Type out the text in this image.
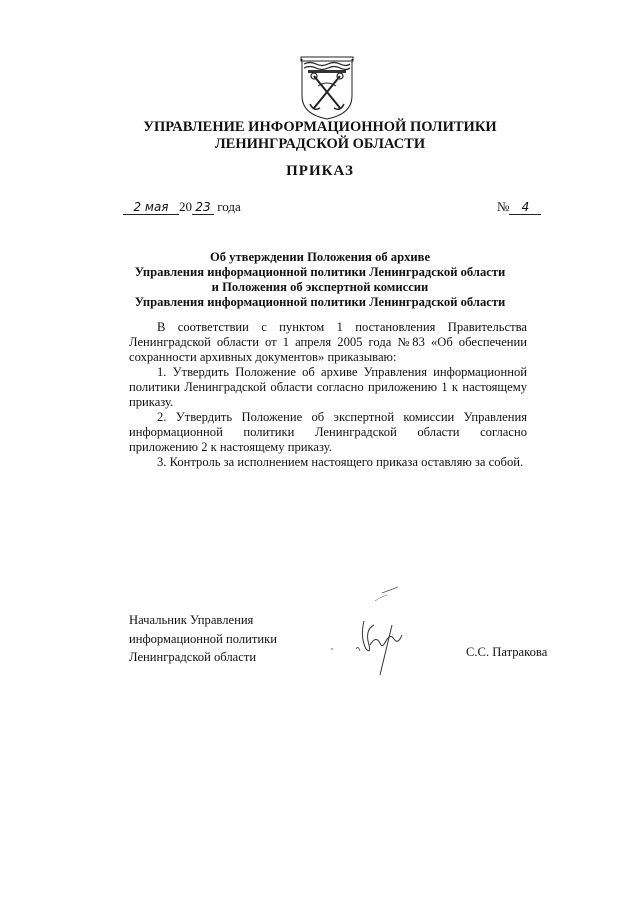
УПРАВЛЕНИЕ ИНФОРМАЦИОННОЙ ПОЛИТИКИ
ЛЕНИНГРАДСКОЙ ОБЛАСТИ
ПРИКАЗ
2 мая 20 23 года	№ 4
Об утверждении Положения об архиве
Управления информационной политики Ленинградской области
и Положения об экспертной комиссии
Управления информационной политики Ленинградской области

В соответствии с пунктом 1 постановления Правительства Ленинградской области от 1 апреля 2005 года №83 «Об обеспечении сохранности архивных документов» приказываю:

1. Утвердить Положение об архиве Управления информационной политики Ленинградской области согласно приложению 1 к настоящему приказу.

2. Утвердить Положение об экспертной комиссии Управления информационной политики Ленинградской области согласно приложению 2 к настоящему приказу.

3. Контроль за исполнением настоящего приказа оставляю за собой.

Начальник Управления
информационной политики
Ленинградской области	С.С. Патракова
